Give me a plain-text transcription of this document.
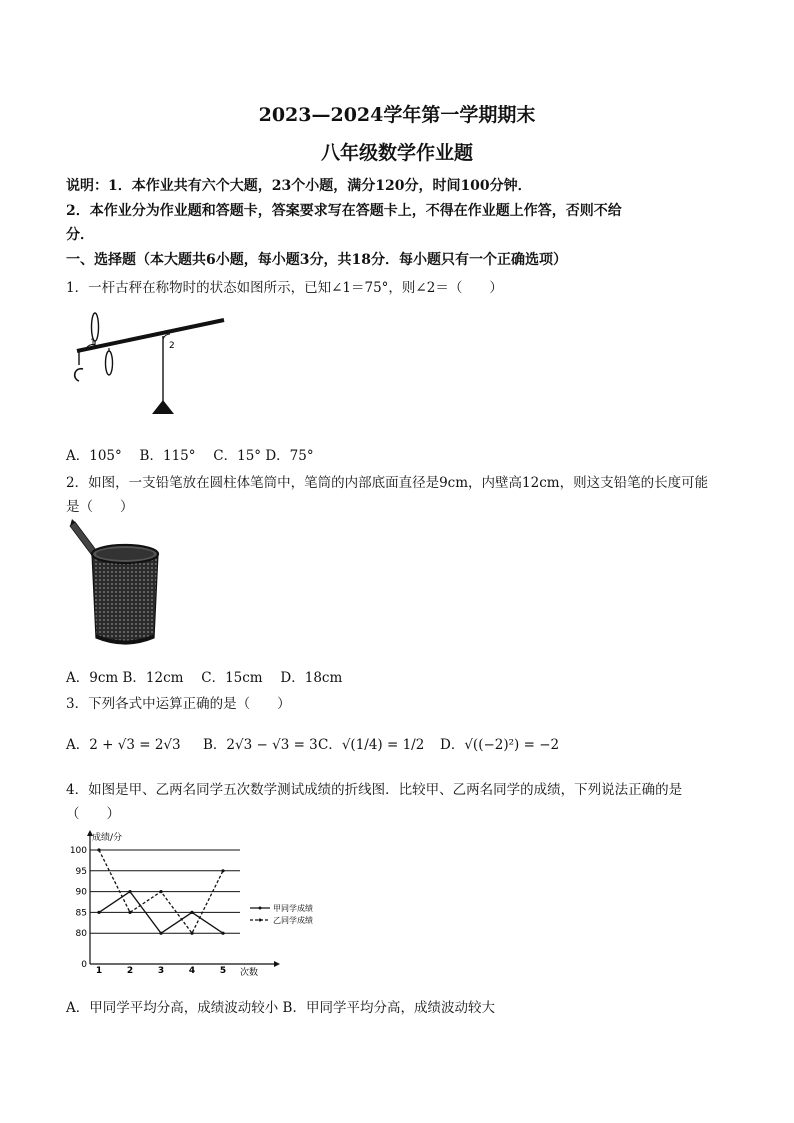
2023—2024学年第一学期期末
八年级数学作业题
说明：1．本作业共有六个大题，23个小题，满分120分，时间100分钟．
2．本作业分为作业题和答题卡，答案要求写在答题卡上，不得在作业题上作答，否则不给
分．
一、选择题（本大题共6小题，每小题3分，共18分．每小题只有一个正确选项）
1．一杆古秤在称物时的状态如图所示，已知∠1＝75°，则∠2＝（　　）
1	2
A．105°　 B．115°　 C．15° D．75°
2．如图，一支铅笔放在圆柱体笔筒中，笔筒的内部底面直径是9cm，内壁高12cm，则这支铅笔的长度可能
是（　　）
A．9cm B．12cm　 C．15cm　 D．18cm
3．下列各式中运算正确的是（　　）
A．2 + √3 = 2√3 B．2√3 − √3 = 3 C．√(1/4) = 1/2 D．√((−2)²) = −2
4．如图是甲、乙两名同学五次数学测试成绩的折线图．比较甲、乙两名同学的成绩，下列说法正确的是
（　　）
成绩/分
次数
0
80
85
90
95
100
1	2	3	4	5
甲同学成绩
乙同学成绩
A．甲同学平均分高，成绩波动较小 B．甲同学平均分高，成绩波动较大
